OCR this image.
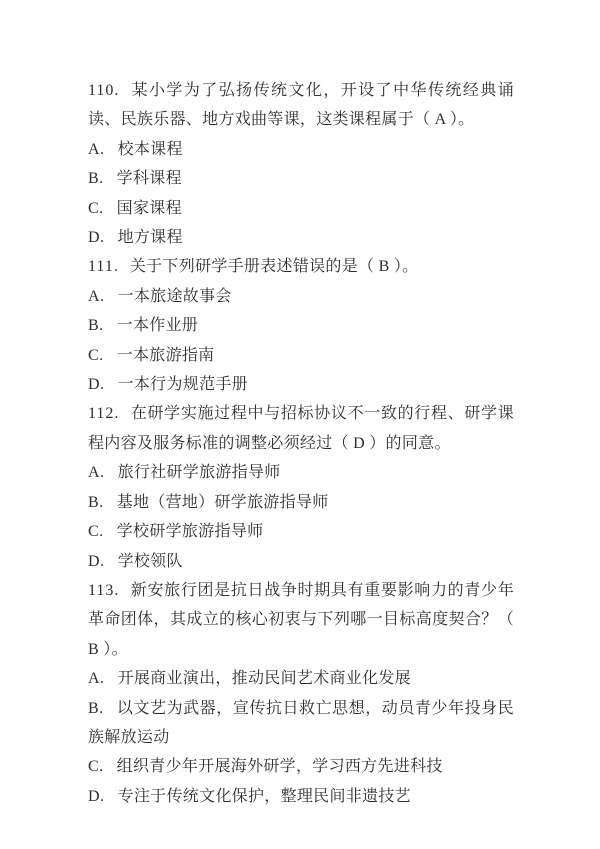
110. 某小学为了弘扬传统文化，开设了中华传统经典诵读、民族乐器、地方戏曲等课，这类课程属于（ A ）。

A. 校本课程

B. 学科课程

C. 国家课程

D. 地方课程

111. 关于下列研学手册表述错误的是（ B ）。

A. 一本旅途故事会

B. 一本作业册

C. 一本旅游指南

D. 一本行为规范手册

112. 在研学实施过程中与招标协议不一致的行程、研学课程内容及服务标准的调整必须经过（ D ）的同意。

A. 旅行社研学旅游指导师

B. 基地（营地）研学旅游指导师

C. 学校研学旅游指导师

D. 学校领队

113. 新安旅行团是抗日战争时期具有重要影响力的青少年革命团体，其成立的核心初衷与下列哪一目标高度契合？（ B ）。

A. 开展商业演出，推动民间艺术商业化发展

B. 以文艺为武器，宣传抗日救亡思想，动员青少年投身民族解放运动

C. 组织青少年开展海外研学，学习西方先进科技

D. 专注于传统文化保护，整理民间非遗技艺
